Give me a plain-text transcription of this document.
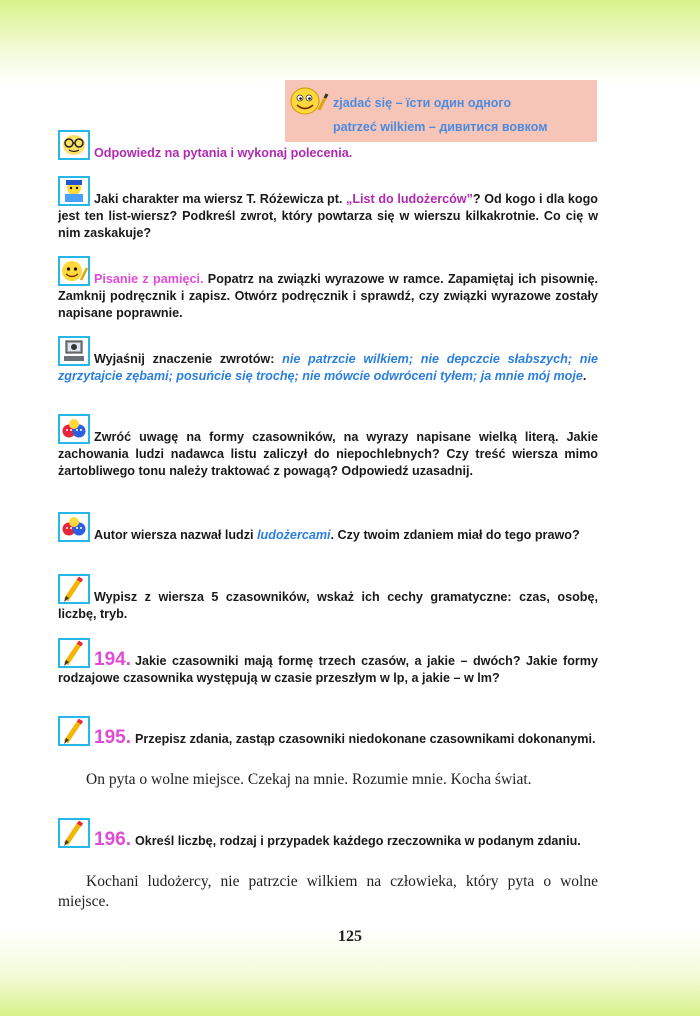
zjadać się – їсти один одного
patrzeć wilkiem – дивитися вовком
Odpowiedz na pytania i wykonaj polecenia.
Jaki charakter ma wiersz T. Różewicza pt. „List do ludożerców”? Od kogo i dla kogo jest ten list-wiersz? Podkreśl zwrot, który powtarza się w wierszu kilkakrotnie. Co cię w nim zaskakuje?
Pisanie z pamięci. Popatrz na związki wyrazowe w ramce. Zapamiętaj ich pisownię. Zamknij podręcznik i zapisz. Otwórz podręcznik i sprawdź, czy związki wyrazowe zostały napisane poprawnie.
Wyjaśnij znaczenie zwrotów: nie patrzcie wilkiem; nie depczcie słabszych; nie zgrzytajcie zębami; posuńcie się trochę; nie mówcie odwróceni tyłem; ja mnie mój moje.
Zwróć uwagę na formy czasowników, na wyrazy napisane wielką literą. Jakie zachowania ludzi nadawca listu zaliczył do niepochlebnych? Czy treść wiersza mimo żartobliwego tonu należy traktować z powagą? Odpowiedź uzasadnij.
Autor wiersza nazwał ludzi ludożercami. Czy twoim zdaniem miał do tego prawo?
Wypisz z wiersza 5 czasowników, wskaż ich cechy gramatyczne: czas, osobę, liczbę, tryb.
194. Jakie czasowniki mają formę trzech czasów, a jakie – dwóch? Jakie formy rodzajowe czasownika występują w czasie przeszłym w lp, a jakie – w lm?
195. Przepisz zdania, zastąp czasowniki niedokonane czasownikami dokonanymi.
On pyta o wolne miejsce. Czekaj na mnie. Rozumie mnie. Kocha świat.
196. Określ liczbę, rodzaj i przypadek każdego rzeczownika w podanym zdaniu.
Kochani ludożercy, nie patrzcie wilkiem na człowieka, który pyta o wolne miejsce.
125
